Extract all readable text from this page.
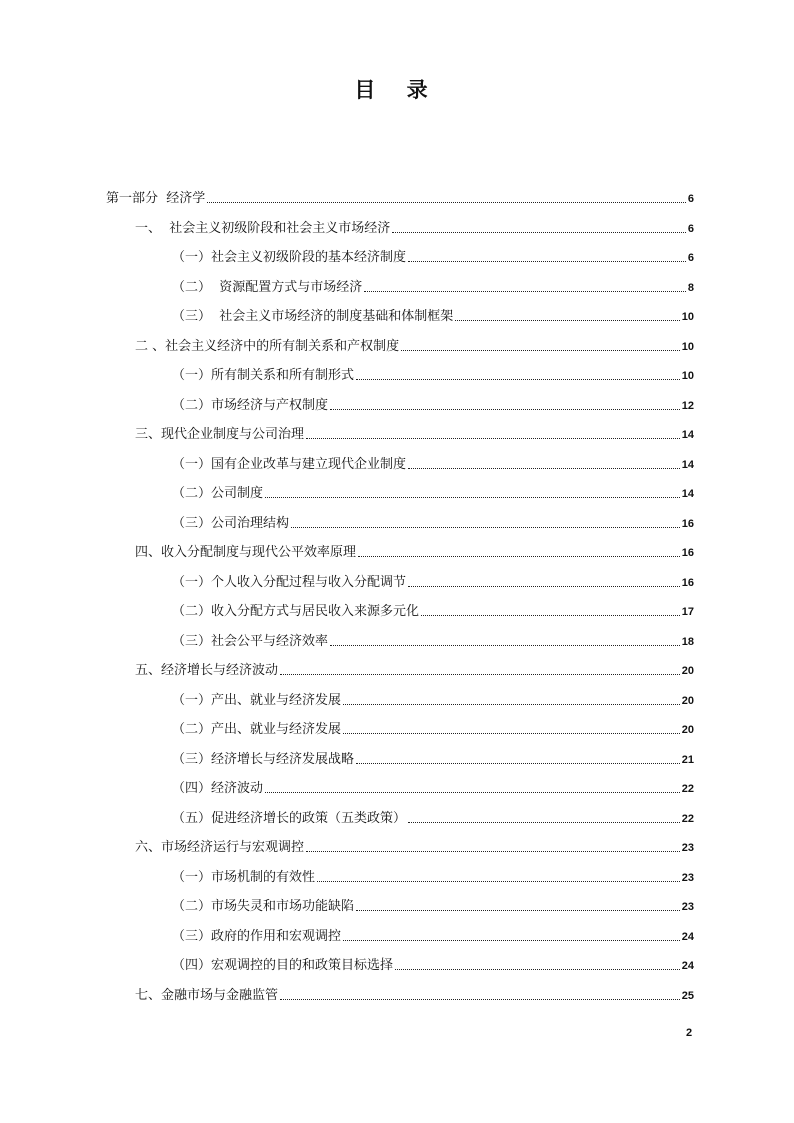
目 录
第一部分  经济学	6
一、  社会主义初级阶段和社会主义市场经济	6
（一）社会主义初级阶段的基本经济制度	6
（二）  资源配置方式与市场经济	8
（三）  社会主义市场经济的制度基础和体制框架	10
二 、社会主义经济中的所有制关系和产权制度	10
（一）所有制关系和所有制形式	10
（二）市场经济与产权制度	12
三、现代企业制度与公司治理	14
（一）国有企业改革与建立现代企业制度	14
（二）公司制度	14
（三）公司治理结构	16
四、收入分配制度与现代公平效率原理	16
（一）个人收入分配过程与收入分配调节	16
（二）收入分配方式与居民收入来源多元化	17
（三）社会公平与经济效率	18
五、经济增长与经济波动	20
（一）产出、就业与经济发展	20
（二）产出、就业与经济发展	20
（三）经济增长与经济发展战略	21
（四）经济波动	22
（五）促进经济增长的政策（五类政策）	22
六、市场经济运行与宏观调控	23
（一）市场机制的有效性	23
（二）市场失灵和市场功能缺陷	23
（三）政府的作用和宏观调控	24
（四）宏观调控的目的和政策目标选择	24
七、金融市场与金融监管	25
2
